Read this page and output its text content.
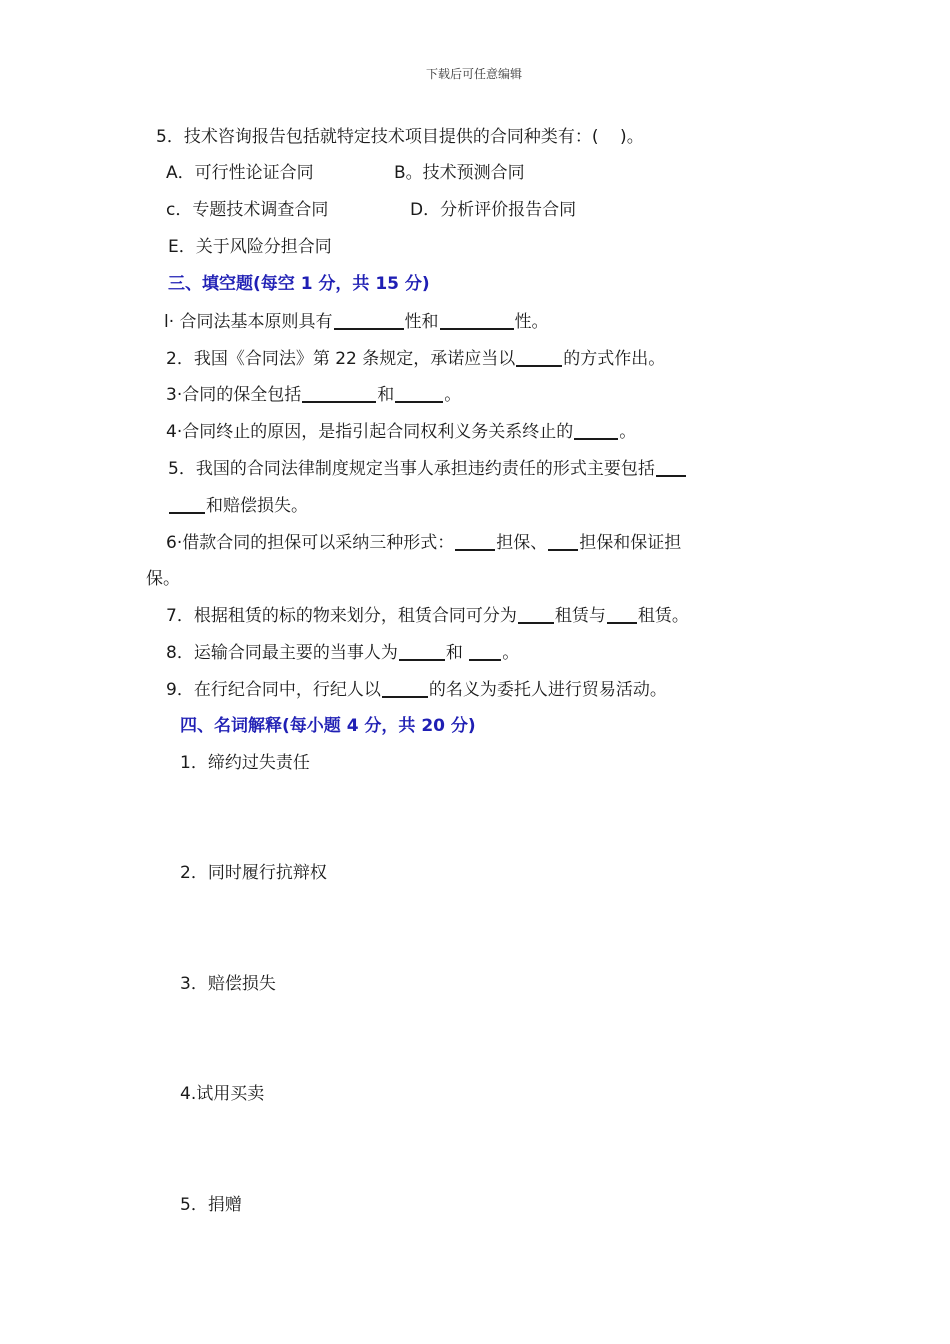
下载后可任意编辑
5．技术咨询报告包括就特定技术项目提供的合同种类有：(    )。
A．可行性论证合同	B。技术预测合同
c．专题技术调查合同	D．分析评价报告合同
E．关于风险分担合同
三、填空题(每空 1 分，共 15 分)
l· 合同法基本原则具有	性和	性。
2．我国《合同法》第 22 条规定，承诺应当以	的方式作出。
3·合同的保全包括	和	。
4·合同终止的原因，是指引起合同权利义务关系终止的	。
5．我国的合同法律制度规定当事人承担违约责任的形式主要包括
和赔偿损失。
6·借款合同的担保可以采纳三种形式： 担保、 担保和保证担
保。
7．根据租赁的标的物来划分，租赁合同可分为 租赁与 租赁。
8．运输合同最主要的当事人为	和 。
9．在行纪合同中，行纪人以	的名义为委托人进行贸易活动。
四、名词解释(每小题 4 分，共 20 分)
1．缔约过失责任
2．同时履行抗辩权
3．赔偿损失
4.试用买卖
5．捐赠
